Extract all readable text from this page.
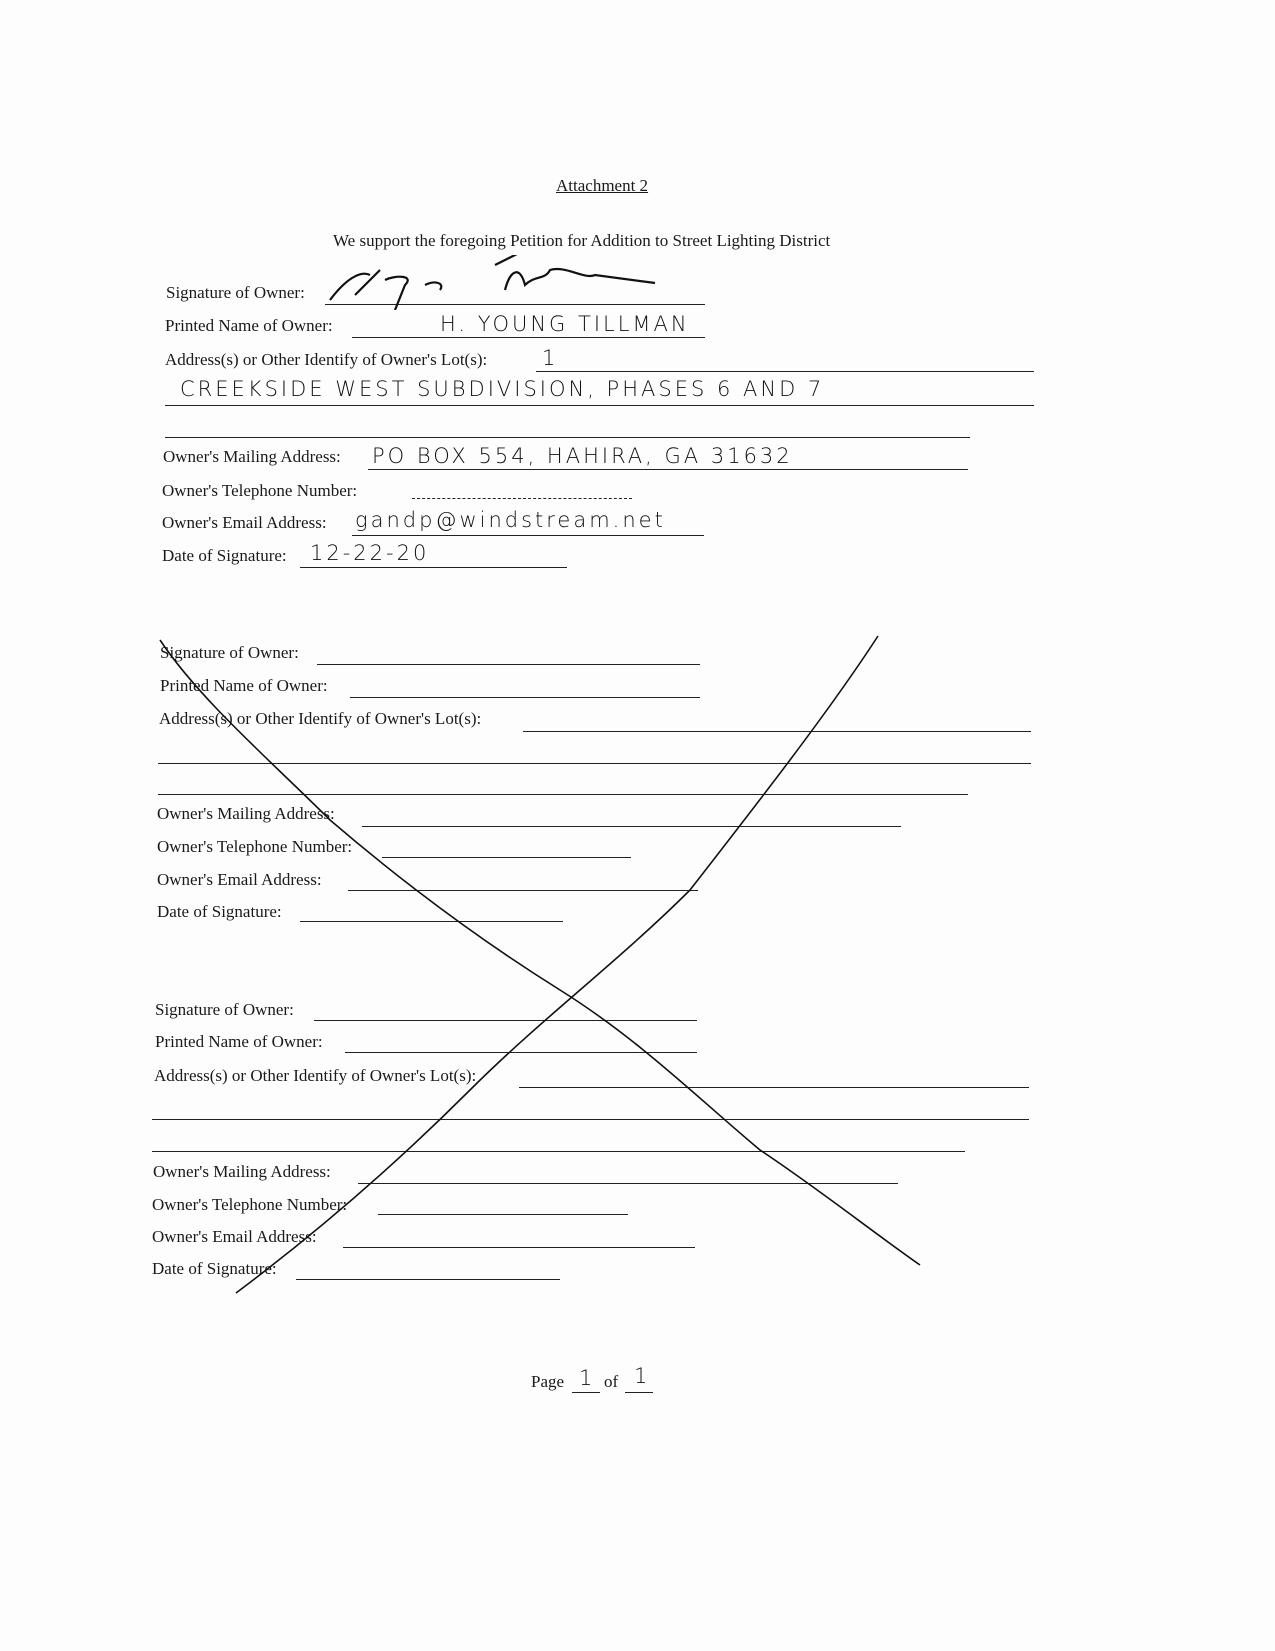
Attachment 2
We support the foregoing Petition for Addition to Street Lighting District
Signature of Owner:
Printed Name of Owner:	H. YOUNG TILLMAN
Address(s) or Other Identify of Owner's Lot(s):	1
CREEKSIDE WEST SUBDIVISION, PHASES 6 AND 7
Owner's Mailing Address: PO BOX 554, HAHIRA, GA 31632
Owner's Telephone Number:
Owner's Email Address: gandp@windstream.net
Date of Signature: 12-22-20
Signature of Owner:
Printed Name of Owner:
Address(s) or Other Identify of Owner's Lot(s):
Owner's Mailing Address:
Owner's Telephone Number:
Owner's Email Address:
Date of Signature:
Signature of Owner:
Printed Name of Owner:
Address(s) or Other Identify of Owner's Lot(s):
Owner's Mailing Address:
Owner's Telephone Number:
Owner's Email Address:
Date of Signature:
Page 1 of 1
